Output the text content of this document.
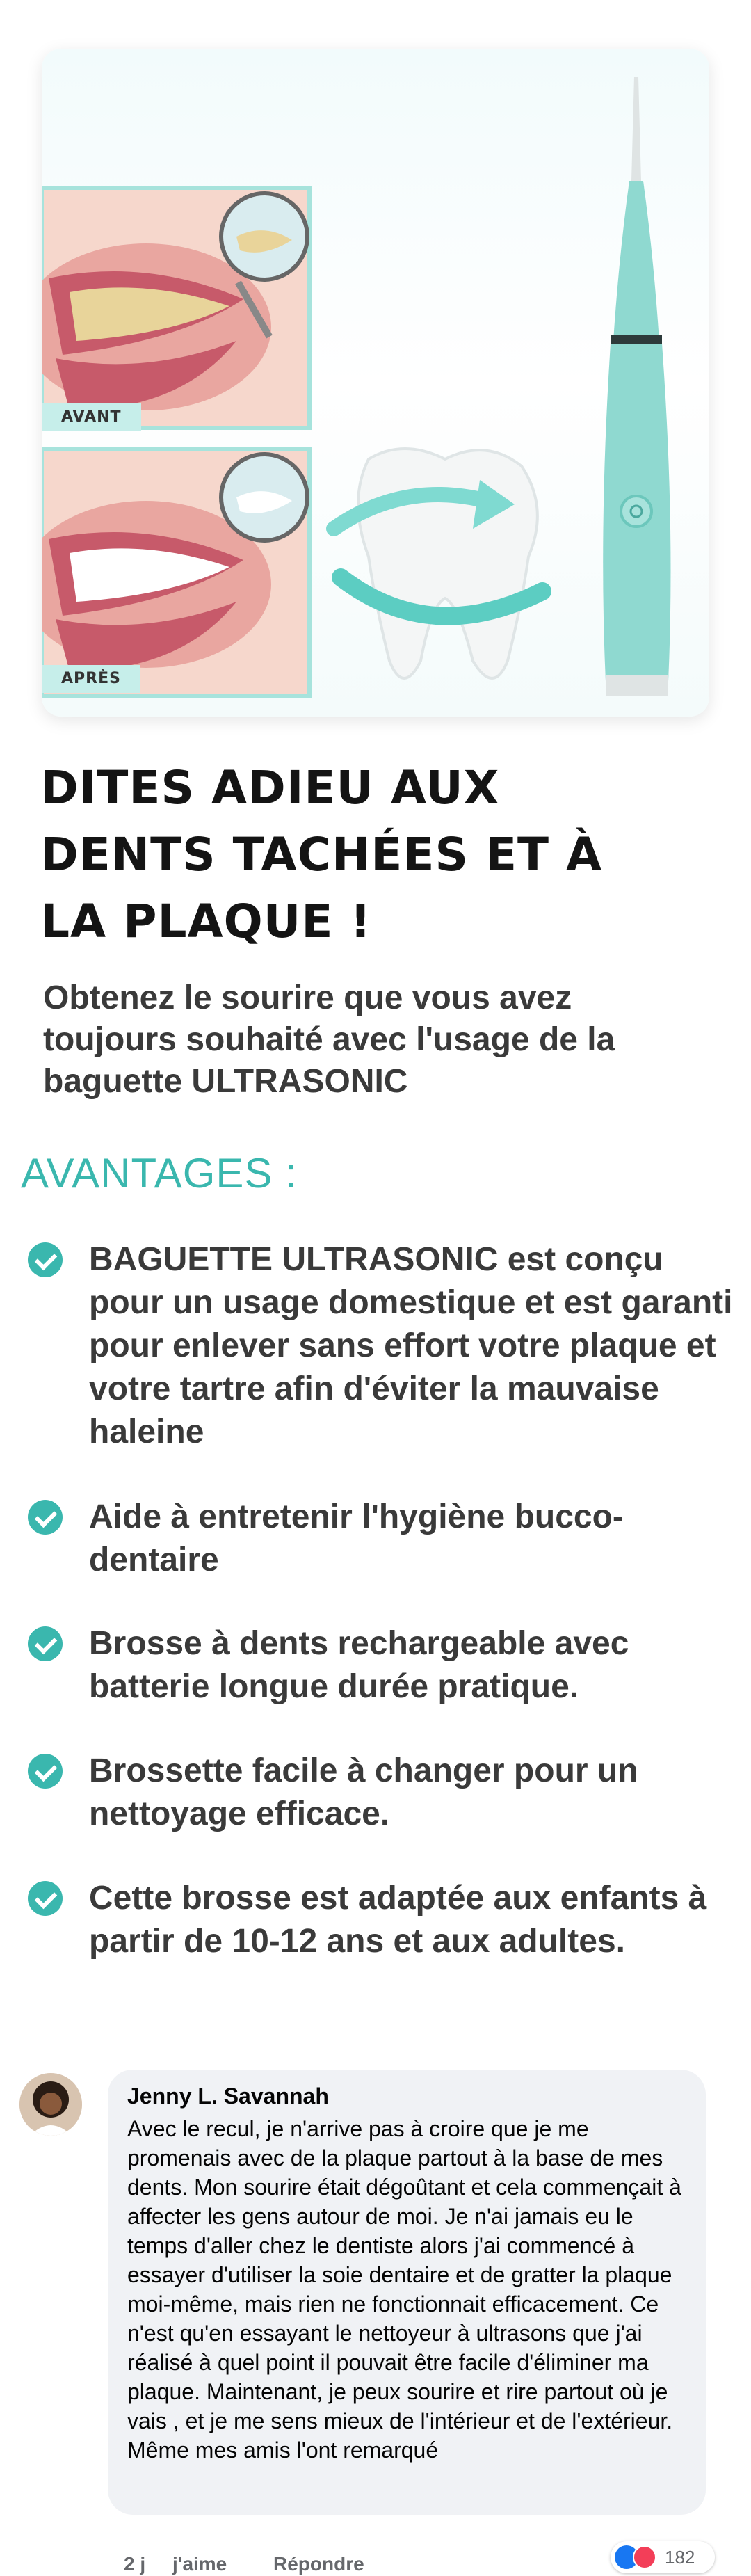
AVANT
APRÈS
DITES ADIEU AUX
DENTS TACHÉES ET À
LA PLAQUE !

Obtenez le sourire que vous avez toujours souhaité avec l'usage de la baguette ULTRASONIC

AVANTAGES :
BAGUETTE ULTRASONIC est conçu pour un usage domestique et est garanti pour enlever sans effort votre plaque et votre tartre afin d'éviter la mauvaise haleine
Aide à entretenir l'hygiène bucco-dentaire
Brosse à dents rechargeable avec batterie longue durée pratique.
Brossette facile à changer pour un nettoyage efficace.
Cette brosse est adaptée aux enfants à partir de 10-12 ans et aux adultes.
Jenny L. Savannah
Avec le recul, je n'arrive pas à croire que je me promenais avec de la plaque partout à la base de mes dents. Mon sourire était dégoûtant et cela commençait à affecter les gens autour de moi. Je n'ai jamais eu le temps d'aller chez le dentiste alors j'ai commencé à essayer d'utiliser la soie dentaire et de gratter la plaque moi-même, mais rien ne fonctionnait efficacement. Ce n'est qu'en essayant le nettoyeur à ultrasons que j'ai réalisé à quel point il pouvait être facile d'éliminer ma plaque. Maintenant, je peux sourire et rire partout où je vais , et je me sens mieux de l'intérieur et de l'extérieur. Même mes amis l'ont remarqué
182
2 j j'aime Répondre
